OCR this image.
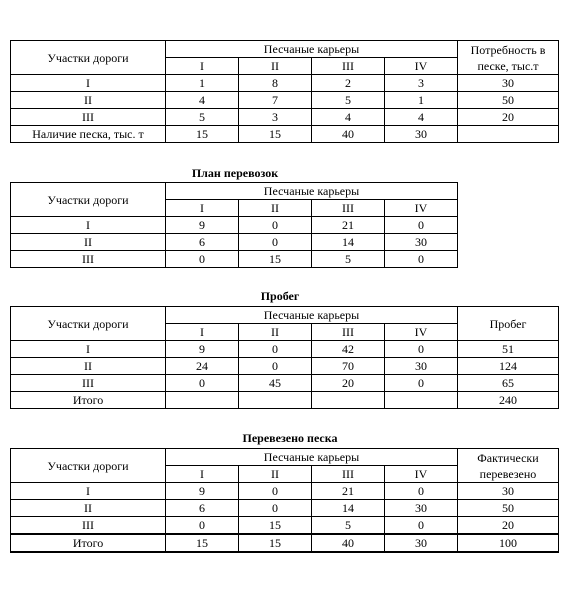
Участки дороги	Песчаные карьеры				Потребность в песке, тыс.т
	I	II	III	IV	
I	1	8	2	3	30
II	4	7	5	1	50
III	5	3	4	4	20
Наличие песка, тыс. т	15	15	40	30	
План перевозок
Участки дороги	Песчаные карьеры			
	I	II	III	IV
I	9	0	21	0
II	6	0	14	30
III	0	15	5	0
Пробег
Участки дороги	Песчаные карьеры				Пробег
	I	II	III	IV	
I	9	0	42	0	51
II	24	0	70	30	124
III	0	45	20	0	65
Итого					240
Перевезено песка
Участки дороги	Песчаные карьеры				Фактически перевезено
	I	II	III	IV	
I	9	0	21	0	30
II	6	0	14	30	50
III	0	15	5	0	20
Итого	15	15	40	30	100
